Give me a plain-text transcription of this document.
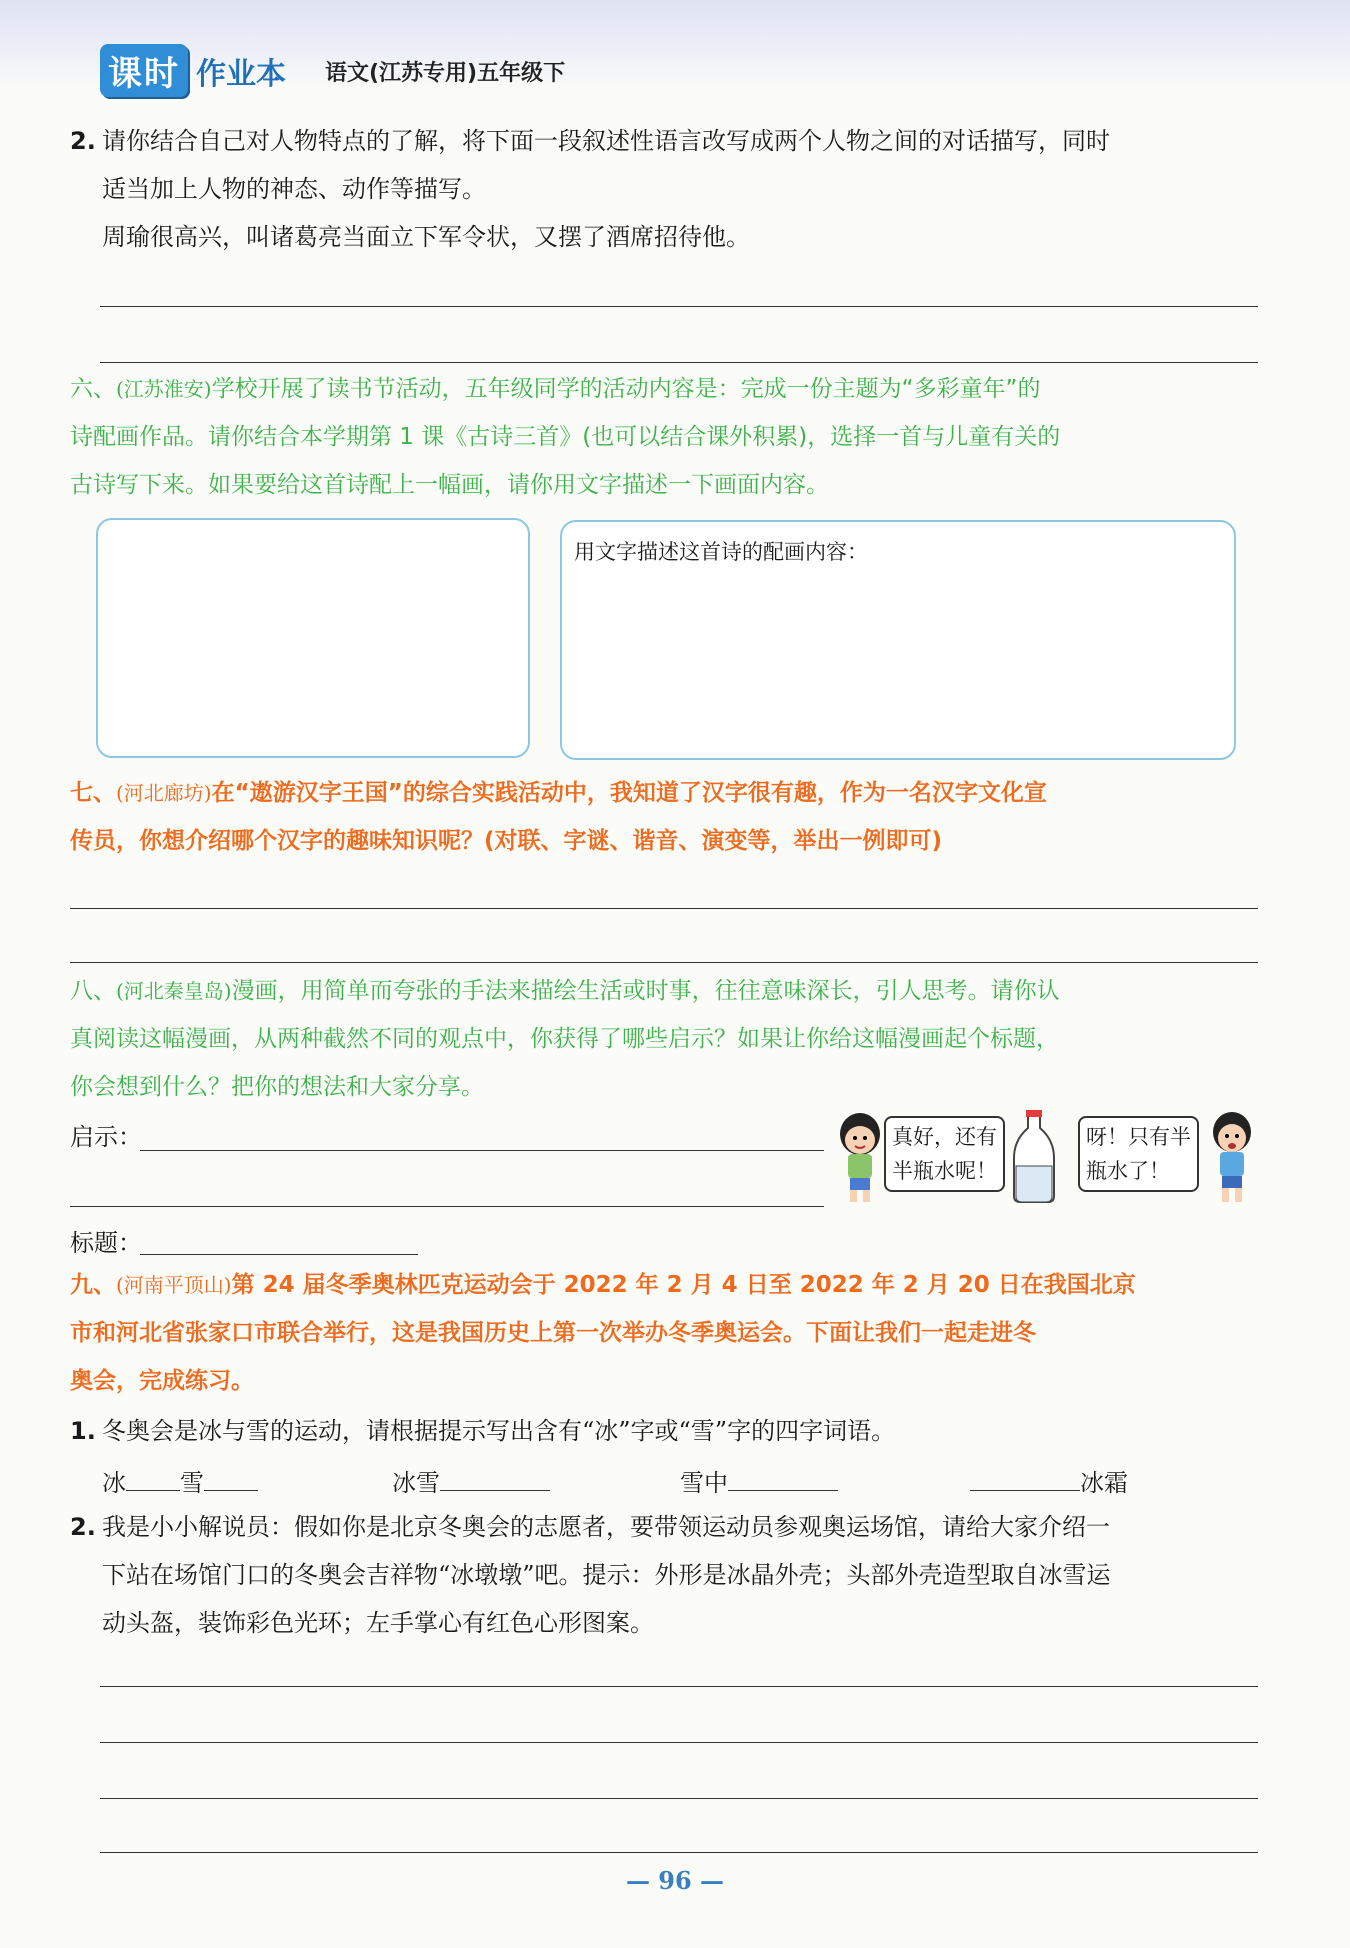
课时 作业本 语文(江苏专用)五年级下
2. 请你结合自己对人物特点的了解，将下面一段叙述性语言改写成两个人物之间的对话描写，同时
适当加上人物的神态、动作等描写。
周瑜很高兴，叫诸葛亮当面立下军令状，又摆了酒席招待他。
六、(江苏淮安)学校开展了读书节活动，五年级同学的活动内容是：完成一份主题为“多彩童年”的
诗配画作品。请你结合本学期第 1 课《古诗三首》(也可以结合课外积累)，选择一首与儿童有关的
古诗写下来。如果要给这首诗配上一幅画，请你用文字描述一下画面内容。
用文字描述这首诗的配画内容：
七、(河北廊坊)在“遨游汉字王国”的综合实践活动中，我知道了汉字很有趣，作为一名汉字文化宣
传员，你想介绍哪个汉字的趣味知识呢？(对联、字谜、谐音、演变等，举出一例即可)
八、(河北秦皇岛)漫画，用简单而夸张的手法来描绘生活或时事，往往意味深长，引人思考。请你认
真阅读这幅漫画，从两种截然不同的观点中，你获得了哪些启示？如果让你给这幅漫画起个标题，
你会想到什么？把你的想法和大家分享。
启示：
标题：
真好，还有
半瓶水呢！
呀！只有半
瓶水了！
九、(河南平顶山)第 24 届冬季奥林匹克运动会于 2022 年 2 月 4 日至 2022 年 2 月 20 日在我国北京
市和河北省张家口市联合举行，这是我国历史上第一次举办冬季奥运会。下面让我们一起走进冬
奥会，完成练习。
1. 冬奥会是冰与雪的运动，请根据提示写出含有“冰”字或“雪”字的四字词语。
冰 雪	冰雪	雪中	冰霜
2. 我是小小解说员：假如你是北京冬奥会的志愿者，要带领运动员参观奥运场馆，请给大家介绍一
下站在场馆门口的冬奥会吉祥物“冰墩墩”吧。提示：外形是冰晶外壳；头部外壳造型取自冰雪运
动头盔，装饰彩色光环；左手掌心有红色心形图案。
— 96 —
